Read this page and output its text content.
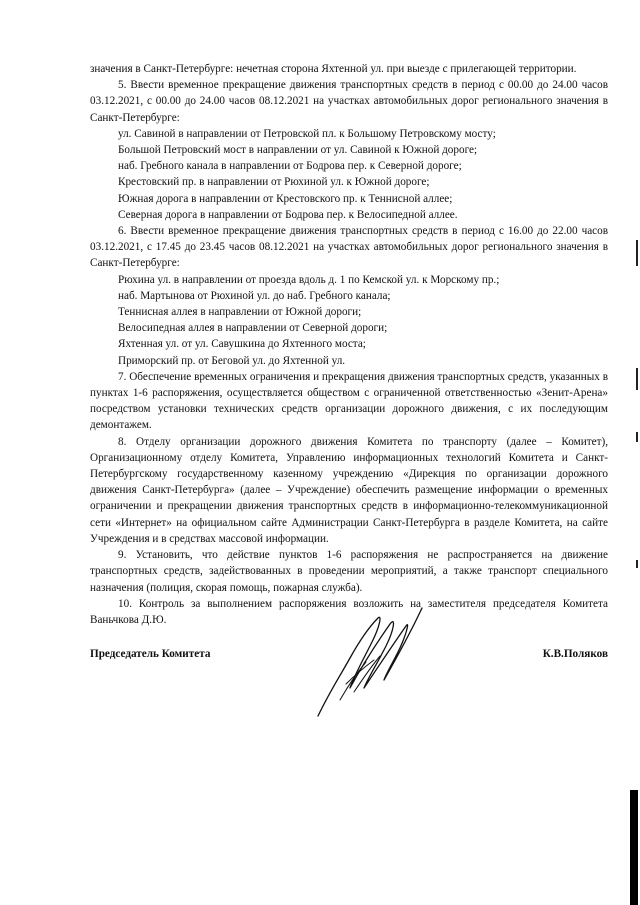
значения в Санкт-Петербурге: нечетная сторона Яхтенной ул. при выезде с прилегающей территории.

5. Ввести временное прекращение движения транспортных средств в период с 00.00 до 24.00 часов 03.12.2021, с 00.00 до 24.00 часов 08.12.2021 на участках автомобильных дорог регионального значения в Санкт-Петербурге:

ул. Савиной в направлении от Петровской пл. к Большому Петровскому мосту;

Большой Петровский мост в направлении от ул. Савиной к Южной дороге;

наб. Гребного канала в направлении от Бодрова пер. к Северной дороге;

Крестовский пр. в направлении от Рюхиной ул. к Южной дороге;

Южная дорога в направлении от Крестовского пр. к Теннисной аллее;

Северная дорога в направлении от Бодрова пер. к Велосипедной аллее.

6. Ввести временное прекращение движения транспортных средств в период с 16.00 до 22.00 часов 03.12.2021, с 17.45 до 23.45 часов 08.12.2021 на участках автомобильных дорог регионального значения в Санкт-Петербурге:

Рюхина ул. в направлении от проезда вдоль д. 1 по Кемской ул. к Морскому пр.;

наб. Мартынова от Рюхиной ул. до наб. Гребного канала;

Теннисная аллея в направлении от Южной дороги;

Велосипедная аллея в направлении от Северной дороги;

Яхтенная ул. от ул. Савушкина до Яхтенного моста;

Приморский пр. от Беговой ул. до Яхтенной ул.

7. Обеспечение временных ограничения и прекращения движения транспортных средств, указанных в пунктах 1-6 распоряжения, осуществляется обществом с ограниченной ответственностью «Зенит-Арена» посредством установки технических средств организации дорожного движения, с их последующим демонтажем.

8. Отделу организации дорожного движения Комитета по транспорту (далее – Комитет), Организационному отделу Комитета, Управлению информационных технологий Комитета и Санкт-Петербургскому государственному казенному учреждению «Дирекция по организации дорожного движения Санкт-Петербурга» (далее – Учреждение) обеспечить размещение информации о временных ограничении и прекращении движения транспортных средств в информационно-телекоммуникационной сети «Интернет» на официальном сайте Администрации Санкт-Петербурга в разделе Комитета, на сайте Учреждения и в средствах массовой информации.

9. Установить, что действие пунктов 1-6 распоряжения не распространяется на движение транспортных средств, задействованных в проведении мероприятий, а также транспорт специального назначения (полиция, скорая помощь, пожарная служба).

10. Контроль за выполнением распоряжения возложить на заместителя председателя Комитета Ваньчкова Д.Ю.

Председатель Комитета	К.В.Поляков
